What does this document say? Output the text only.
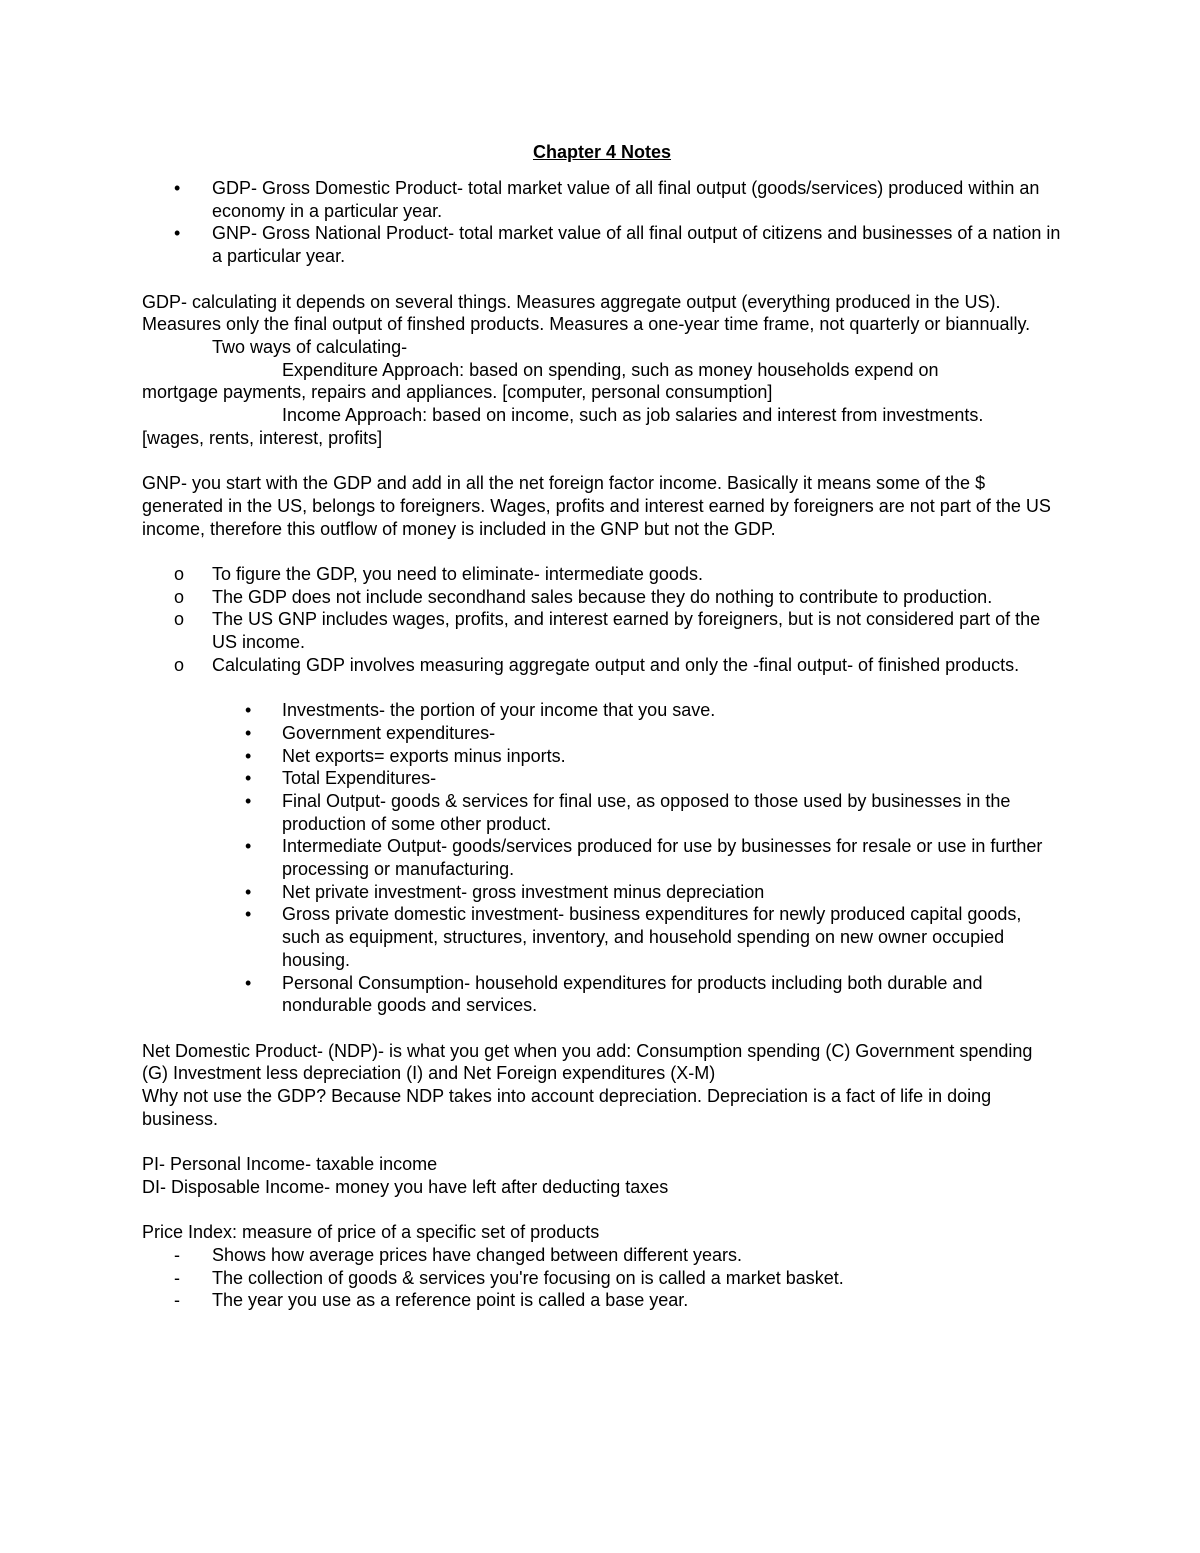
Chapter 4 Notes

• GDP- Gross Domestic Product- total market value of all final output (goods/services) produced within an economy in a particular year.
• GNP- Gross National Product- total market value of all final output of citizens and businesses of a nation in a particular year.

GDP- calculating it depends on several things. Measures aggregate output (everything produced in the US). Measures only the final output of finshed products. Measures a one-year time frame, not quarterly or biannually.

Two ways of calculating-

Expenditure Approach: based on spending, such as money households expend on

mortgage payments, repairs and appliances. [computer, personal consumption]

Income Approach: based on income, such as job salaries and interest from investments.

[wages, rents, interest, profits]

GNP- you start with the GDP and add in all the net foreign factor income. Basically it means some of the $ generated in the US, belongs to foreigners. Wages, profits and interest earned by foreigners are not part of the US income, therefore this outflow of money is included in the GNP but not the GDP.

o To figure the GDP, you need to eliminate- intermediate goods.
o The GDP does not include secondhand sales because they do nothing to contribute to production.
o The US GNP includes wages, profits, and interest earned by foreigners, but is not considered part of the US income.
o Calculating GDP involves measuring aggregate output and only the -final output- of finished products.
• Investments- the portion of your income that you save.
• Government expenditures-
• Net exports= exports minus inports.
• Total Expenditures-
• Final Output- goods & services for final use, as opposed to those used by businesses in the production of some other product.
• Intermediate Output- goods/services produced for use by businesses for resale or use in further processing or manufacturing.
• Net private investment- gross investment minus depreciation
• Gross private domestic investment- business expenditures for newly produced capital goods, such as equipment, structures, inventory, and household spending on new owner occupied housing.
• Personal Consumption- household expenditures for products including both durable and nondurable goods and services.

Net Domestic Product- (NDP)- is what you get when you add: Consumption spending (C) Government spending (G) Investment less depreciation (I) and Net Foreign expenditures (X-M)

Why not use the GDP? Because NDP takes into account depreciation. Depreciation is a fact of life in doing business.

PI- Personal Income- taxable income

DI- Disposable Income- money you have left after deducting taxes

Price Index: measure of price of a specific set of products

- Shows how average prices have changed between different years.
- The collection of goods & services you're focusing on is called a market basket.
- The year you use as a reference point is called a base year.
